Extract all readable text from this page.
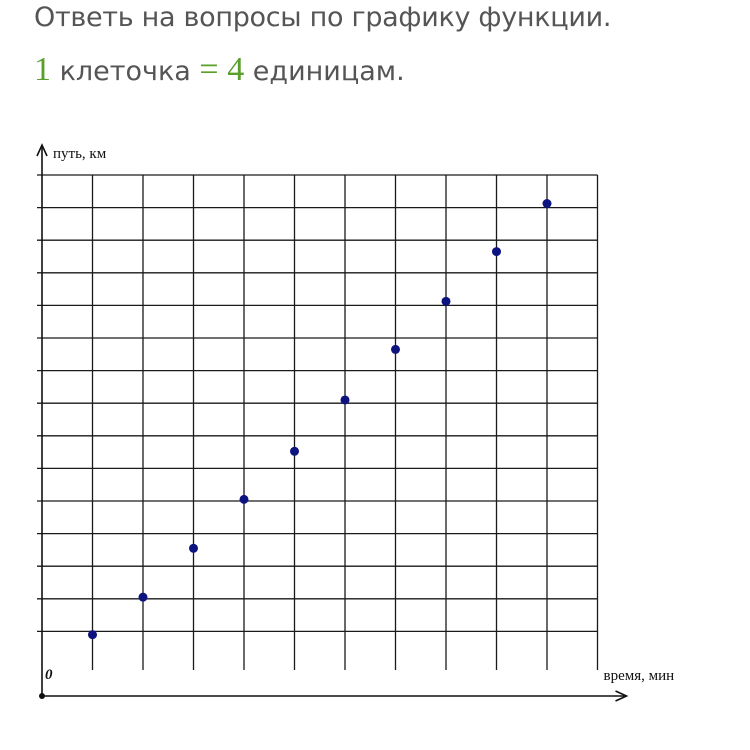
Ответь на вопросы по графику функции.
1 клеточка = 4 единицам.
путь, км
время, мин
0
